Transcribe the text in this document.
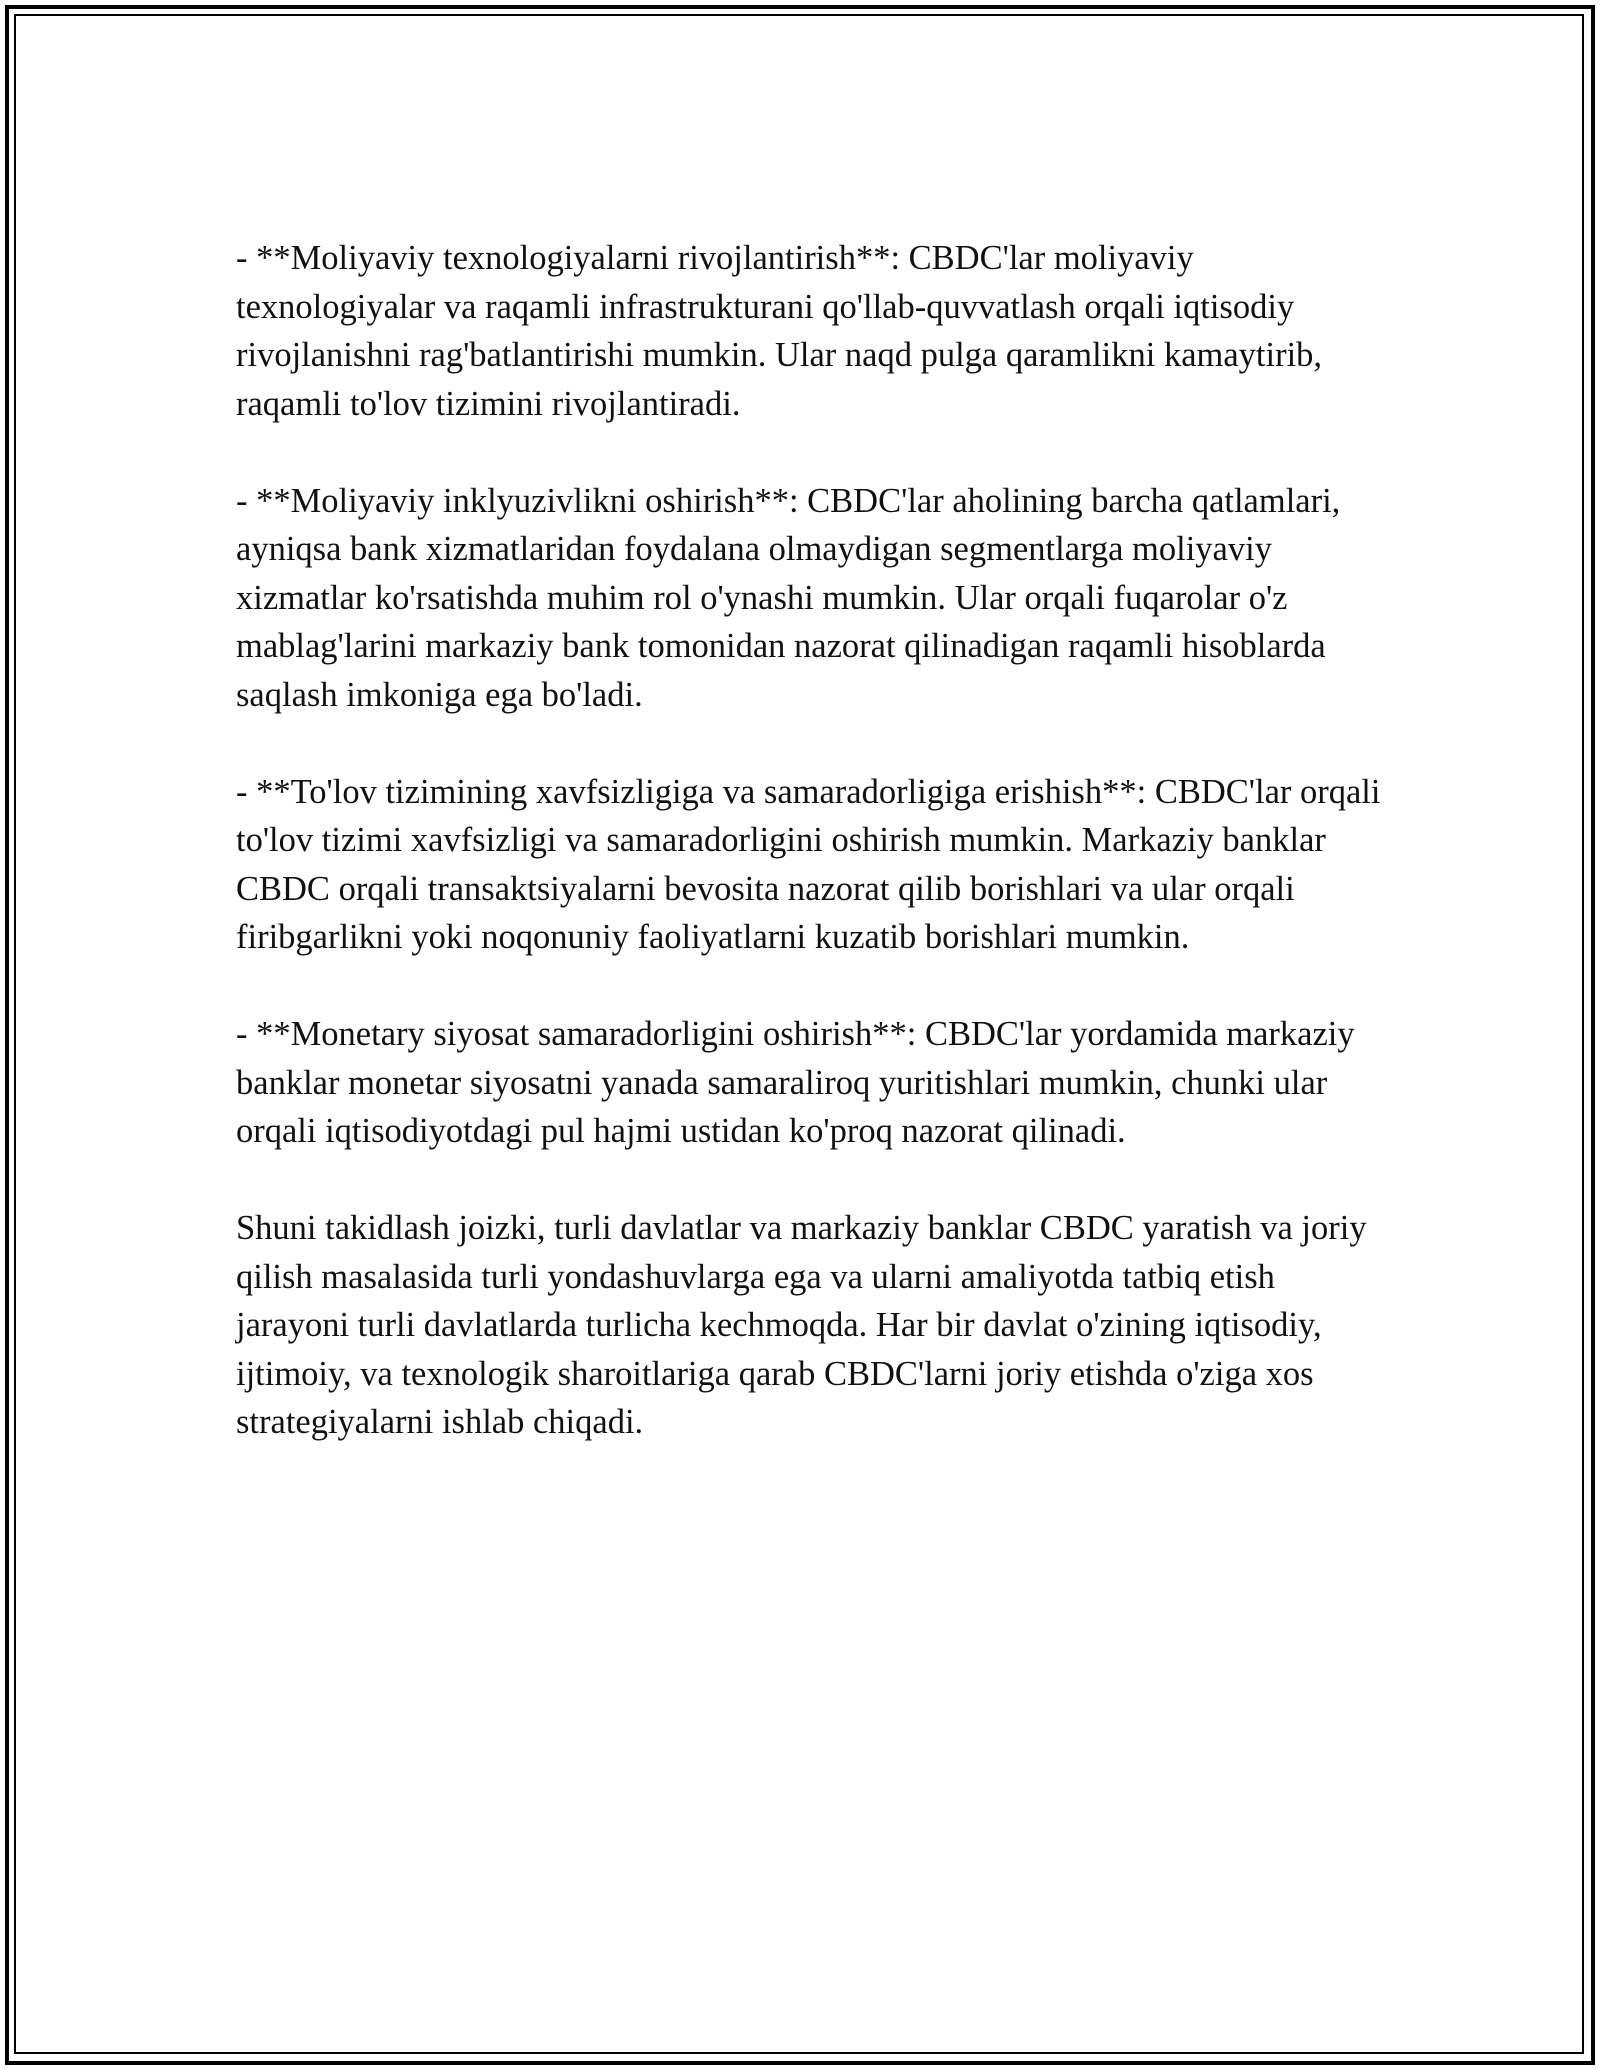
- **Moliyaviy texnologiyalarni rivojlantirish**: CBDC'lar moliyaviy texnologiyalar va raqamli infrastrukturani qo'llab-quvvatlash orqali iqtisodiy rivojlanishni rag'batlantirishi mumkin. Ular naqd pulga qaramlikni kamaytirib, raqamli to'lov tizimini rivojlantiradi.

- **Moliyaviy inklyuzivlikni oshirish**: CBDC'lar aholining barcha qatlamlari, ayniqsa bank xizmatlaridan foydalana olmaydigan segmentlarga moliyaviy xizmatlar ko'rsatishda muhim rol o'ynashi mumkin. Ular orqali fuqarolar o'z mablag'larini markaziy bank tomonidan nazorat qilinadigan raqamli hisoblarda saqlash imkoniga ega bo'ladi.

- **To'lov tizimining xavfsizligiga va samaradorligiga erishish**: CBDC'lar orqali to'lov tizimi xavfsizligi va samaradorligini oshirish mumkin. Markaziy banklar CBDC orqali transaktsiyalarni bevosita nazorat qilib borishlari va ular orqali firibgarlikni yoki noqonuniy faoliyatlarni kuzatib borishlari mumkin.

- **Monetary siyosat samaradorligini oshirish**: CBDC'lar yordamida markaziy banklar monetar siyosatni yanada samaraliroq yuritishlari mumkin, chunki ular orqali iqtisodiyotdagi pul hajmi ustidan ko'proq nazorat qilinadi.

Shuni takidlash joizki, turli davlatlar va markaziy banklar CBDC yaratish va joriy qilish masalasida turli yondashuvlarga ega va ularni amaliyotda tatbiq etish jarayoni turli davlatlarda turlicha kechmoqda. Har bir davlat o'zining iqtisodiy, ijtimoiy, va texnologik sharoitlariga qarab CBDC'larni joriy etishda o'ziga xos strategiyalarni ishlab chiqadi.
